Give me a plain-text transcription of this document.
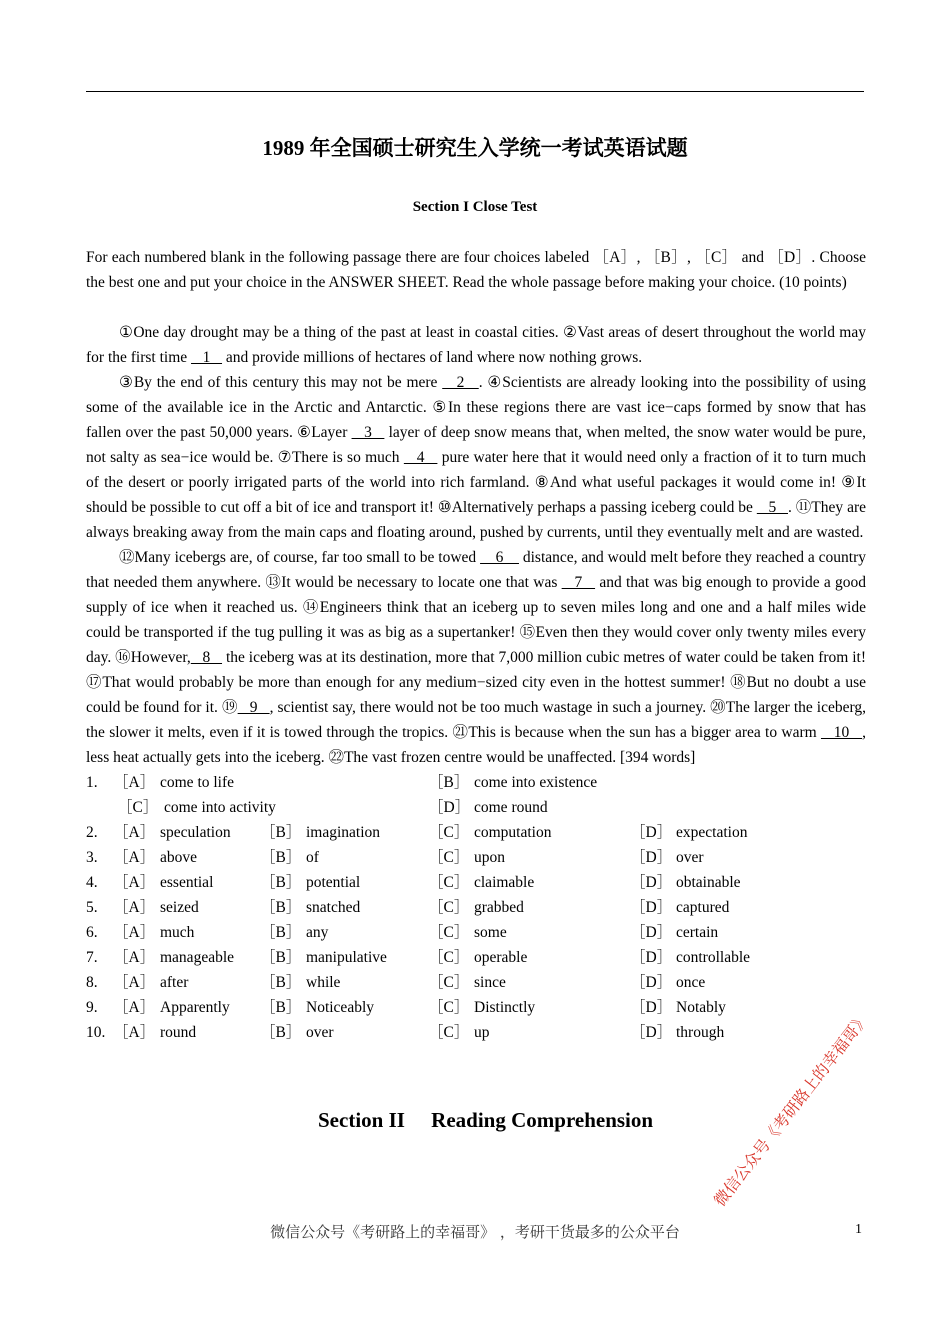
1989 年全国硕士研究生入学统一考试英语试题
Section I Close Test
For each numbered blank in the following passage there are four choices labeled ［A］, ［B］, ［C］ and ［D］. Choose the best one and put your choice in the ANSWER SHEET. Read the whole passage before making your choice. (10 points)

①One day drought may be a thing of the past at least in coastal cities. ②Vast areas of desert throughout the world may for the first time    1    and provide millions of hectares of land where now nothing grows.

③By the end of this century this may not be mere    2   . ④Scientists are already looking into the possibility of using some of the available ice in the Arctic and Antarctic. ⑤In these regions there are vast ice−caps formed by snow that has fallen over the past 50,000 years. ⑥Layer    3    layer of deep snow means that, when melted, the snow water would be pure, not salty as sea−ice would be. ⑦There is so much    4    pure water here that it would need only a fraction of it to turn much of the desert or poorly irrigated parts of the world into rich farmland. ⑧And what useful packages it would come in! ⑨It should be possible to cut off a bit of ice and transport it! ⑩Alternatively perhaps a passing iceberg could be    5   . ⑪They are always breaking away from the main caps and floating around, pushed by currents, until they eventually melt and are wasted.

⑫Many icebergs are, of course, far too small to be towed     6     distance, and would melt before they reached a country that needed them anywhere. ⑬It would be necessary to locate one that was    7    and that was big enough to provide a good supply of ice when it reached us. ⑭Engineers think that an iceberg up to seven miles long and one and a half miles wide could be transported if the tug pulling it was as big as a supertanker! ⑮Even then they would cover only twenty miles every day. ⑯However,   8    the iceberg was at its destination, more that 7,000 million cubic metres of water could be taken from it! ⑰That would probably be more than enough for any medium−sized city even in the hottest summer! ⑱But no doubt a use could be found for it. ⑲   9   , scientist say, there would not be too much wastage in such a journey. ⑳The larger the iceberg, the slower it melts, even if it is towed through the tropics. ㉑This is because when the sun has a bigger area to warm    10   , less heat actually gets into the iceberg. ㉒The vast frozen centre would be unaffected. [394 words]

1. ［A］ come to life	［B］ come into existence
［C］ come into activity	［D］ come round
2. ［A］ speculation ［B］ imagination	［C］ computation	［D］ expectation
3. ［A］ above	［B］ of	［C］ upon	［D］ over
4. ［A］ essential	［B］ potential	［C］ claimable	［D］ obtainable
5. ［A］ seized	［B］ snatched	［C］ grabbed	［D］ captured
6. ［A］ much	［B］ any	［C］ some	［D］ certain
7. ［A］ manageable ［B］ manipulative	［C］ operable	［D］ controllable
8. ［A］ after	［B］ while	［C］ since	［D］ once
9. ［A］ Apparently ［B］ Noticeably	［C］ Distinctly	［D］ Notably
10. ［A］ round	［B］ over	［C］ up	［D］ through
Section II     Reading Comprehension
微信公众号《考研路上的幸福哥》 ，考研干货最多的公众平台	1
微信公众号《考研路上的幸福哥》
